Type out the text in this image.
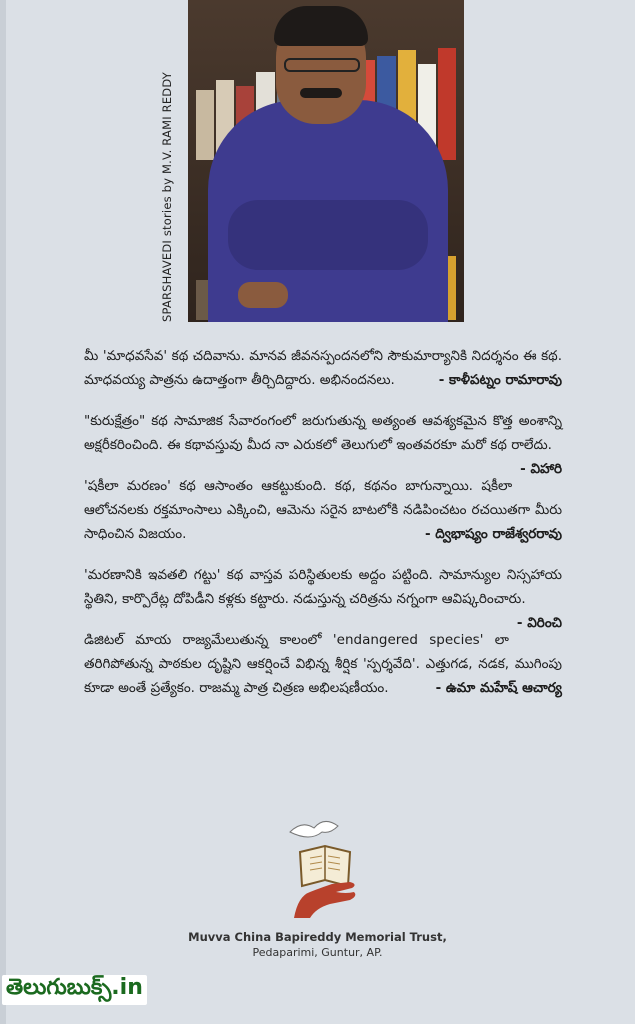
SPARSHAVEDI stories by M.V. RAMI REDDY

మీ 'మాధవసేవ' కథ చదివాను. మానవ జీవనస్పందనలోని సౌకుమార్యానికి నిదర్శనం ఈ కథ. మాధవయ్య పాత్రను ఉదాత్తంగా తీర్చిదిద్దారు. అభినందనలు.	- కాళీపట్నం రామారావు

"కురుక్షేత్రం" కథ సామాజిక సేవారంగంలో జరుగుతున్న అత్యంత ఆవశ్యకమైన కొత్త అంశాన్ని అక్షరీకరించింది. ఈ కథావస్తువు మీద నా ఎరుకలో తెలుగులో ఇంతవరకూ మరో కథ రాలేదు.
- విహారి

'షకీలా మరణం' కథ ఆసాంతం ఆకట్టుకుంది. కథ, కథనం బాగున్నాయి. షకీలా ఆలోచనలకు రక్తమాంసాలు ఎక్కించి, ఆమెను సరైన బాటలోకి నడిపించటం రచయితగా మీరు సాధించిన విజయం.	- ద్విభాష్యం రాజేశ్వరరావు

'మరణానికి ఇవతలి గట్టు' కథ వాస్తవ పరిస్థితులకు అద్దం పట్టింది. సామాన్యుల నిస్సహాయ స్థితిని, కార్పొరేట్ల దోపిడీని కళ్లకు కట్టారు. నడుస్తున్న చరిత్రను నగ్నంగా ఆవిష్కరించారు.
- విరించి

డిజిటల్ మాయ రాజ్యమేలుతున్న కాలంలో 'endangered species' లా తరిగిపోతున్న పాఠకుల దృష్టిని ఆకర్షించే విభిన్న శీర్షిక 'స్పర్శవేది'. ఎత్తుగడ, నడక, ముగింపు కూడా అంతే ప్రత్యేకం. రాజమ్మ పాత్ర చిత్రణ అభిలషణీయం.	- ఉమా మహేష్ ఆచార్య

Muvva China Bapireddy Memorial Trust,
Pedaparimi, Guntur, AP.
తెలుగుబుక్స్.in
